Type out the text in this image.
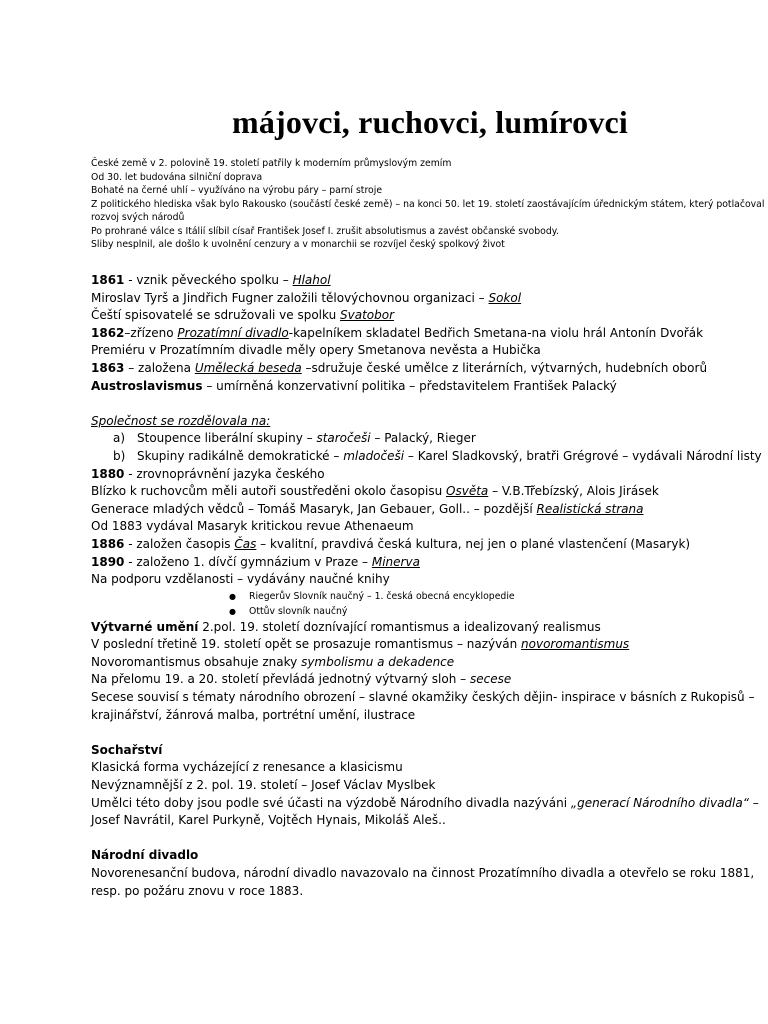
májovci, ruchovci, lumírovci
České země v 2. polovině 19. století patřily k moderním průmyslovým zemím
Od 30. let budována silniční doprava
Bohaté na černé uhlí – využíváno na výrobu páry – parní stroje
Z politického hlediska však bylo Rakousko (součástí české země) – na konci 50. let 19. století zaostávajícím úřednickým státem, který potlačoval rozvoj svých národů
Po prohrané válce s Itálií slíbil císař František Josef I. zrušit absolutismus a zavést občanské svobody.
Sliby nesplnil, ale došlo k uvolnění cenzury a v monarchii se rozvíjel český spolkový život
1861 - vznik pěveckého spolku – Hlahol
Miroslav Tyrš a Jindřich Fugner založili tělovýchovnou organizaci – Sokol
Čeští spisovatelé se sdružovali ve spolku Svatobor
1862–zřízeno Prozatímní divadlo-kapelníkem skladatel Bedřich Smetana-na violu hrál Antonín Dvořák
Premiéru v Prozatímním divadle měly opery Smetanova nevěsta a Hubička
1863 – založena Umělecká beseda –sdružuje české umělce z literárních, výtvarných, hudebních oborů
Austroslavismus – umírněná konzervativní politika – představitelem František Palacký
Společnost se rozdělovala na:
a) Stoupence liberální skupiny – staročeši – Palacký, Rieger
b) Skupiny radikálně demokratické – mladočeši – Karel Sladkovský, bratři Grégrové – vydávali Národní listy
1880 - zrovnoprávnění jazyka českého
Blízko k ruchovcům měli autoři soustředěni okolo časopisu Osvěta – V.B.Třebízský, Alois Jirásek
Generace mladých vědců – Tomáš Masaryk, Jan Gebauer, Goll.. – pozdější Realistická strana
Od 1883 vydával Masaryk kritickou revue Athenaeum
1886 - založen časopis Čas – kvalitní, pravdivá česká kultura, nej jen o plané vlastenčení (Masaryk)
1890 - založeno 1. dívčí gymnázium v Praze – Minerva
Na podporu vzdělanosti – vydávány naučné knihy
● Riegerův Slovník naučný – 1. česká obecná encyklopedie
● Ottův slovník naučný
Výtvarné umění 2.pol. 19. století doznívající romantismus a idealizovaný realismus
V poslední třetině 19. století opět se prosazuje romantismus – nazýván novoromantismus
Novoromantismus obsahuje znaky symbolismu a dekadence
Na přelomu 19. a 20. století převládá jednotný výtvarný sloh – secese
Secese souvisí s tématy národního obrození – slavné okamžiky českých dějin- inspirace v básních z Rukopisů – krajinářství, žánrová malba, portrétní umění, ilustrace
Sochařství
Klasická forma vycházející z renesance a klasicismu
Nevýznamnější z 2. pol. 19. století – Josef Václav Myslbek
Umělci této doby jsou podle své účasti na výzdobě Národního divadla nazýváni „generací Národního divadla“ – Josef Navrátil, Karel Purkyně, Vojtěch Hynais, Mikoláš Aleš..
Národní divadlo
Novorenesanční budova, národní divadlo navazovalo na činnost Prozatímního divadla a otevřelo se roku 1881, resp. po požáru znovu v roce 1883.
